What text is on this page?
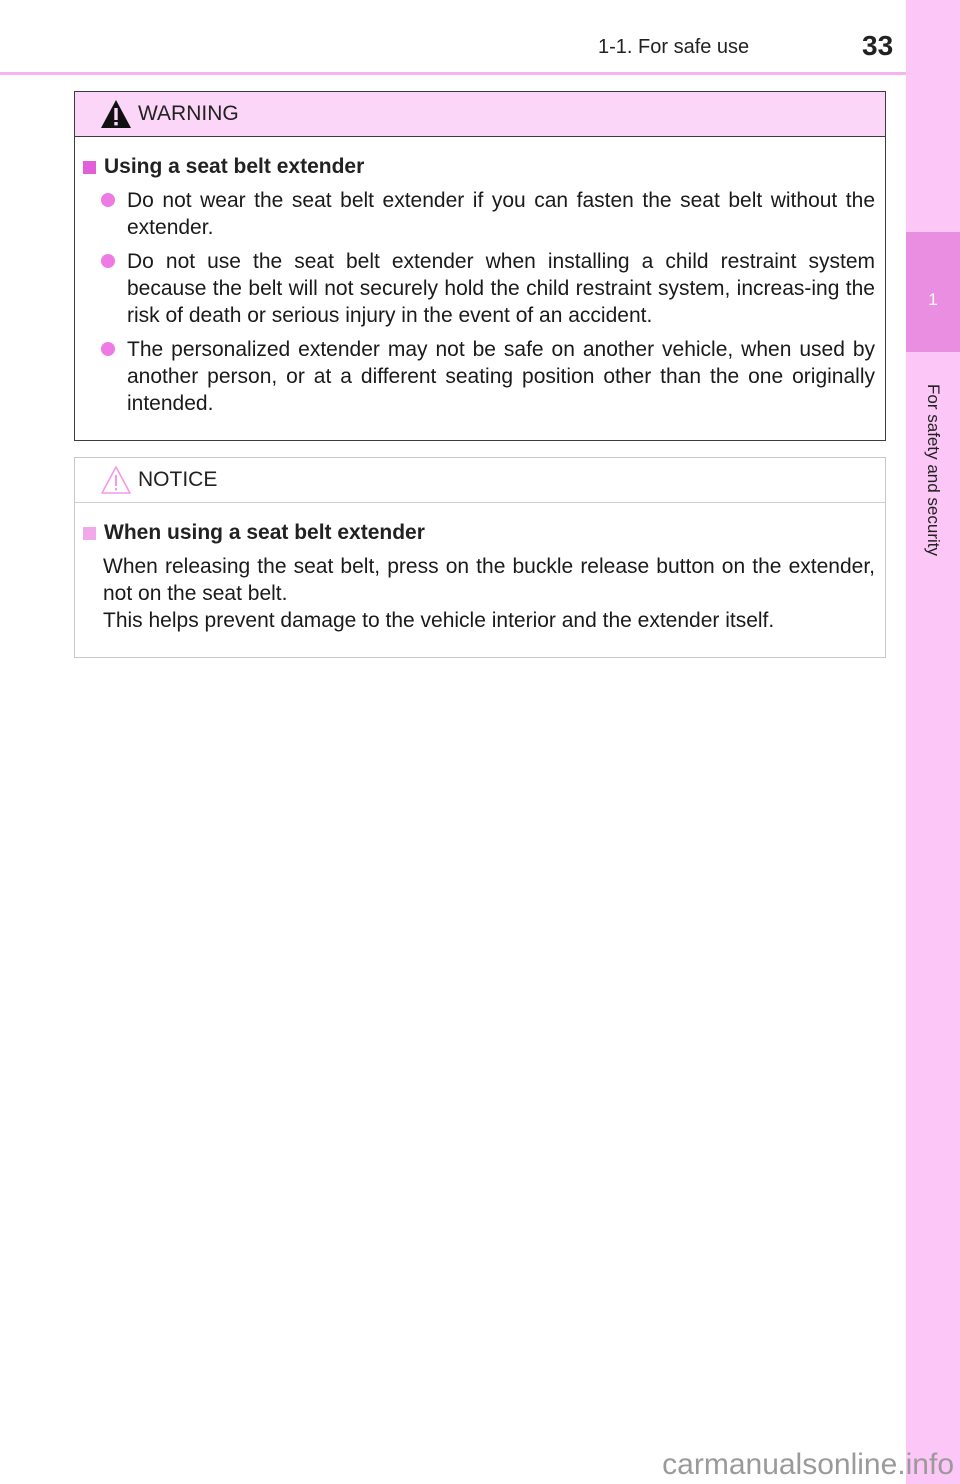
1-1. For safe use	33
1
For safety and security
WARNING
Using a seat belt extender
Do not wear the seat belt extender if you can fasten the seat belt without the extender.
Do not use the seat belt extender when installing a child restraint system because the belt will not securely hold the child restraint system, increas-ing the risk of death or serious injury in the event of an accident.
The personalized extender may not be safe on another vehicle, when used by another person, or at a different seating position other than the one originally intended.
NOTICE
When using a seat belt extender

When releasing the seat belt, press on the buckle release button on the extender, not on the seat belt.

This helps prevent damage to the vehicle interior and the extender itself.

carmanualsonline.info
